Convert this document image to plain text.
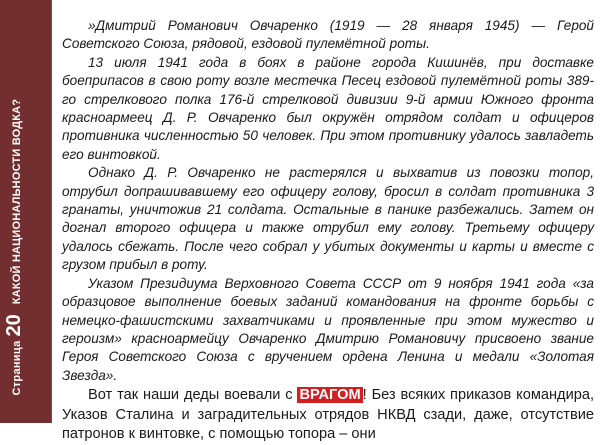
Страница
20
КАКОЙ НАЦИОНАЛЬНОСТИ ВОДКА?

»Дмитрий Романович Овчаренко (1919 — 28 января 1945) — Герой Советского Союза, рядовой, ездовой пулемётной роты.

13 июля 1941 года в боях в районе города Кишинёв, при доставке боеприпасов в свою роту возле местечка Песец ездовой пулемётной роты 389-го стрелкового полка 176-й стрелковой дивизии 9-й армии Южного фронта красноармеец Д. Р. Овчаренко был окружён отрядом солдат и офицеров противника численностью 50 человек. При этом противнику удалось завладеть его винтовкой.

Однако Д. Р. Овчаренко не растерялся и выхватив из повозки топор, отрубил допрашивавшему его офицеру голову, бросил в солдат противника 3 гранаты, уничтожив 21 солдата. Остальные в панике разбежались. Затем он догнал второго офицера и также отрубил ему голову. Третьему офицеру удалось сбежать. После чего собрал у убитых документы и карты и вместе с грузом прибыл в роту.

Указом Президиума Верховного Совета СССР от 9 ноября 1941 года «за образцовое выполнение боевых заданий командования на фронте борьбы с немецко-фашистскими захватчиками и проявленные при этом мужество и героизм» красноармейцу Овчаренко Дмитрию Романовичу присвоено звание Героя Советского Союза с вручением ордена Ленина и медали «Золотая Звезда».

Вот так наши деды воевали с ВРАГОМ ! Без всяких приказов командира, Указов Сталина и заградительных отрядов НКВД сзади, даже, отсутствие патронов к винтовке, с помощью топора – они
